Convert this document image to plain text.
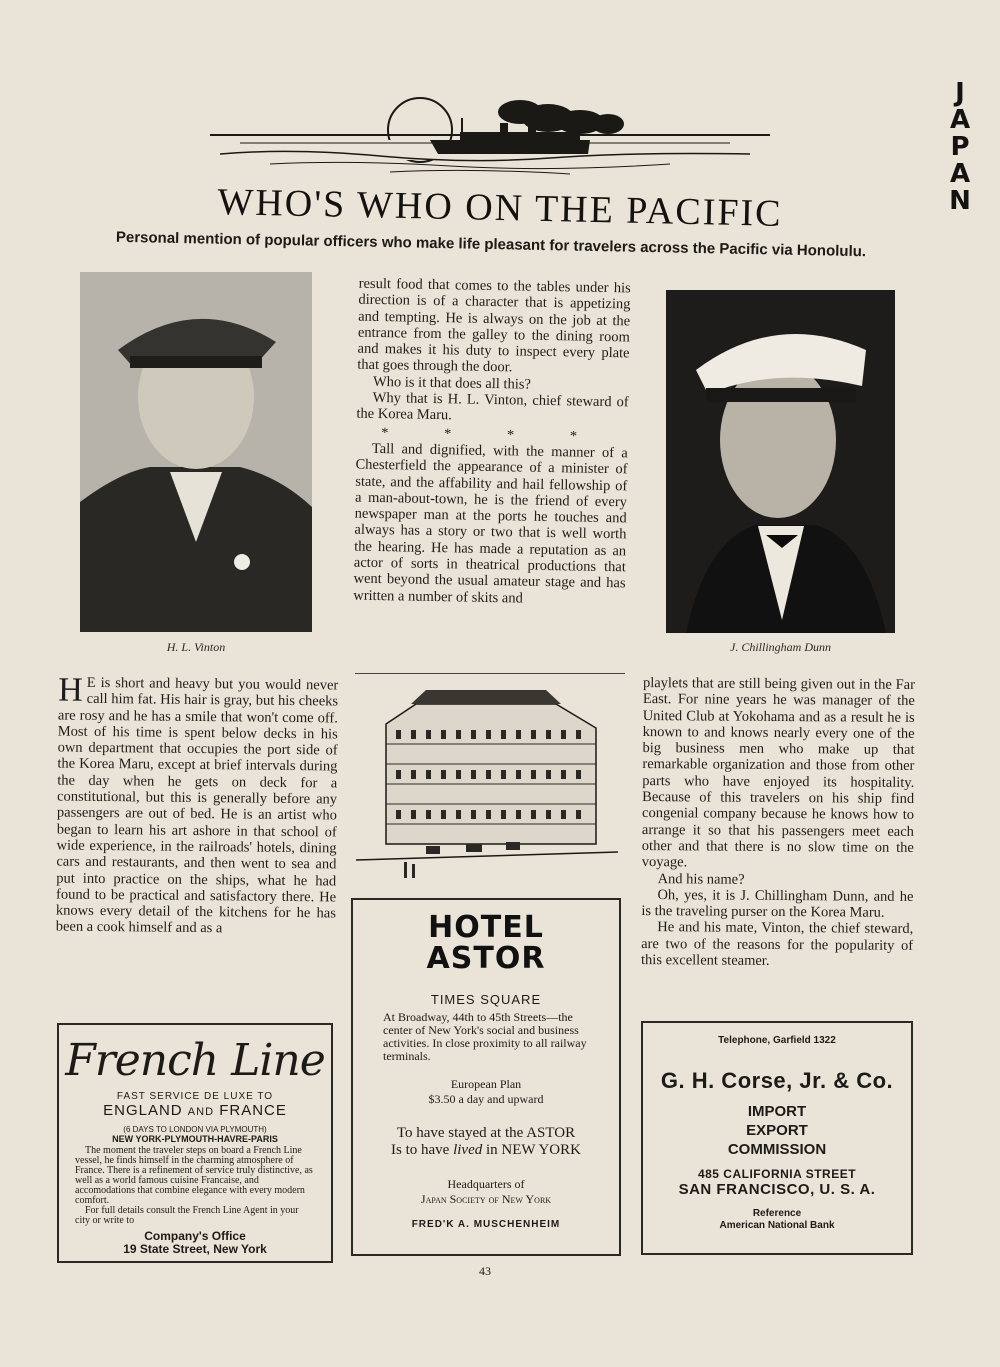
J
A
P
A
N
WHO'S WHO ON THE PACIFIC
Personal mention of popular officers who make life pleasant for travelers across the Pacific via Honolulu.
H. L. Vinton	J. Chillingham Dunn

result food that comes to the tables under his direction is of a character that is appetizing and tempting. He is always on the job at the entrance from the galley to the dining room and makes it his duty to inspect every plate that goes through the door.

Who is it that does all this?

Why that is H. L. Vinton, chief steward of the Korea Maru.

* * * *

Tall and dignified, with the manner of a Chesterfield the appearance of a minister of state, and the affability and hail fellowship of a man-about-town, he is the friend of every newspaper man at the ports he touches and always has a story or two that is well worth the hearing. He has made a reputation as an actor of sorts in theatrical productions that went beyond the usual amateur stage and has written a number of skits and

H E is short and heavy but you would never call him fat. His hair is gray, but his cheeks are rosy and he has a smile that won't come off. Most of his time is spent below decks in his own department that occupies the port side of the Korea Maru, except at brief intervals during the day when he gets on deck for a constitutional, but this is generally before any passengers are out of bed. He is an artist who began to learn his art ashore in that school of wide experience, in the railroads' hotels, dining cars and restaurants, and then went to sea and put into practice on the ships, what he had found to be practical and satisfactory there. He knows every detail of the kitchens for he has been a cook himself and as a

playlets that are still being given out in the Far East. For nine years he was manager of the United Club at Yokohama and as a result he is known to and knows nearly every one of the big business men who make up that remarkable organization and those from other parts who have enjoyed its hospitality. Because of this travelers on his ship find congenial company because he knows how to arrange it so that his passengers meet each other and that there is no slow time on the voyage.

And his name?

Oh, yes, it is J. Chillingham Dunn, and he is the traveling purser on the Korea Maru.

He and his mate, Vinton, the chief steward, are two of the reasons for the popularity of this excellent steamer.

HOTEL
ASTOR
TIMES SQUARE
At Broadway, 44th to 45th Streets—the center of New York's social and business activities. In close proximity to all railway terminals.
European Plan
$3.50 a day and upward
To have stayed at the ASTOR
Is to have lived in NEW YORK
Headquarters of
Japan Society of New York
FRED'K A. MUSCHENHEIM
French Line
FAST SERVICE DE LUXE TO
ENGLAND AND FRANCE
(6 DAYS TO LONDON VIA PLYMOUTH)
NEW YORK-PLYMOUTH-HAVRE-PARIS
The moment the traveler steps on board a French Line vessel, he finds himself in the charming atmosphere of France. There is a refinement of service truly distinctive, as well as a world famous cuisine Francaise, and accomodations that combine elegance with every modern comfort.
For full details consult the French Line Agent in your city or write to
Company's Office
19 State Street, New York
Telephone, Garfield 1322
G. H. Corse, Jr. & Co.
IMPORT
EXPORT
COMMISSION
485 CALIFORNIA STREET
SAN FRANCISCO, U. S. A.
Reference
American National Bank
43
